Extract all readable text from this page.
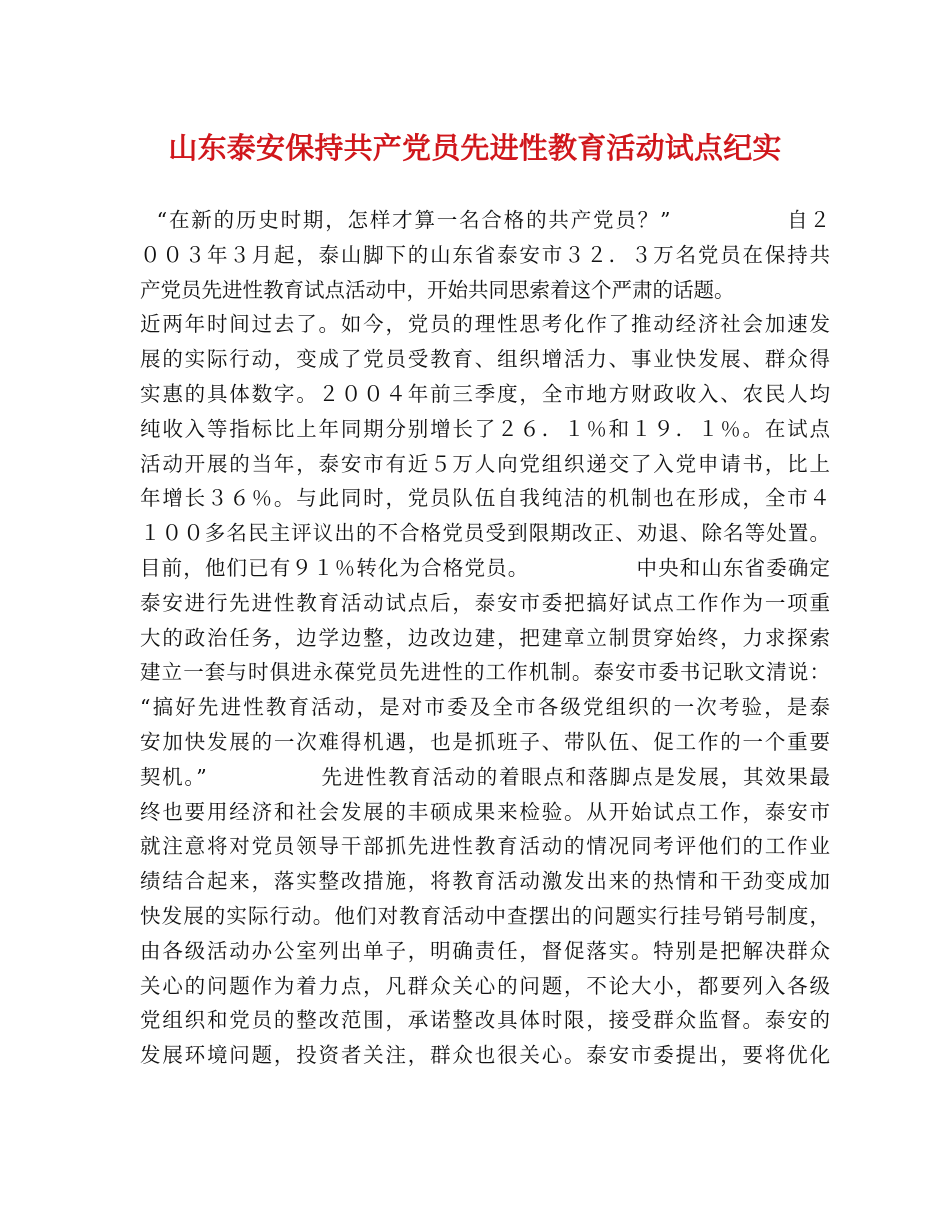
山东泰安保持共产党员先进性教育活动试点纪实
“在新的历史时期，怎样才算一名合格的共产党员？”              自２
００３年３月起，泰山脚下的山东省泰安市３２．３万名党员在保持共
产党员先进性教育试点活动中，开始共同思索着这个严肃的话题。
近两年时间过去了。如今，党员的理性思考化作了推动经济社会加速发
展的实际行动，变成了党员受教育、组织增活力、事业快发展、群众得
实惠的具体数字。２００４年前三季度，全市地方财政收入、农民人均
纯收入等指标比上年同期分别增长了２６．１％和１９．１％。在试点
活动开展的当年，泰安市有近５万人向党组织递交了入党申请书，比上
年增长３６％。与此同时，党员队伍自我纯洁的机制也在形成，全市４
１００多名民主评议出的不合格党员受到限期改正、劝退、除名等处置。
目前，他们已有９１％转化为合格党员。              中央和山东省委确定
泰安进行先进性教育活动试点后，泰安市委把搞好试点工作作为一项重
大的政治任务，边学边整，边改边建，把建章立制贯穿始终，力求探索
建立一套与时俱进永葆党员先进性的工作机制。泰安市委书记耿文清说：
“搞好先进性教育活动，是对市委及全市各级党组织的一次考验，是泰
安加快发展的一次难得机遇，也是抓班子、带队伍、促工作的一个重要
契机。”              先进性教育活动的着眼点和落脚点是发展，其效果最
终也要用经济和社会发展的丰硕成果来检验。从开始试点工作，泰安市
就注意将对党员领导干部抓先进性教育活动的情况同考评他们的工作业
绩结合起来，落实整改措施，将教育活动激发出来的热情和干劲变成加
快发展的实际行动。他们对教育活动中查摆出的问题实行挂号销号制度，
由各级活动办公室列出单子，明确责任，督促落实。特别是把解决群众
关心的问题作为着力点，凡群众关心的问题，不论大小，都要列入各级
党组织和党员的整改范围，承诺整改具体时限，接受群众监督。泰安的
发展环境问题，投资者关注，群众也很关心。泰安市委提出，要将优化
